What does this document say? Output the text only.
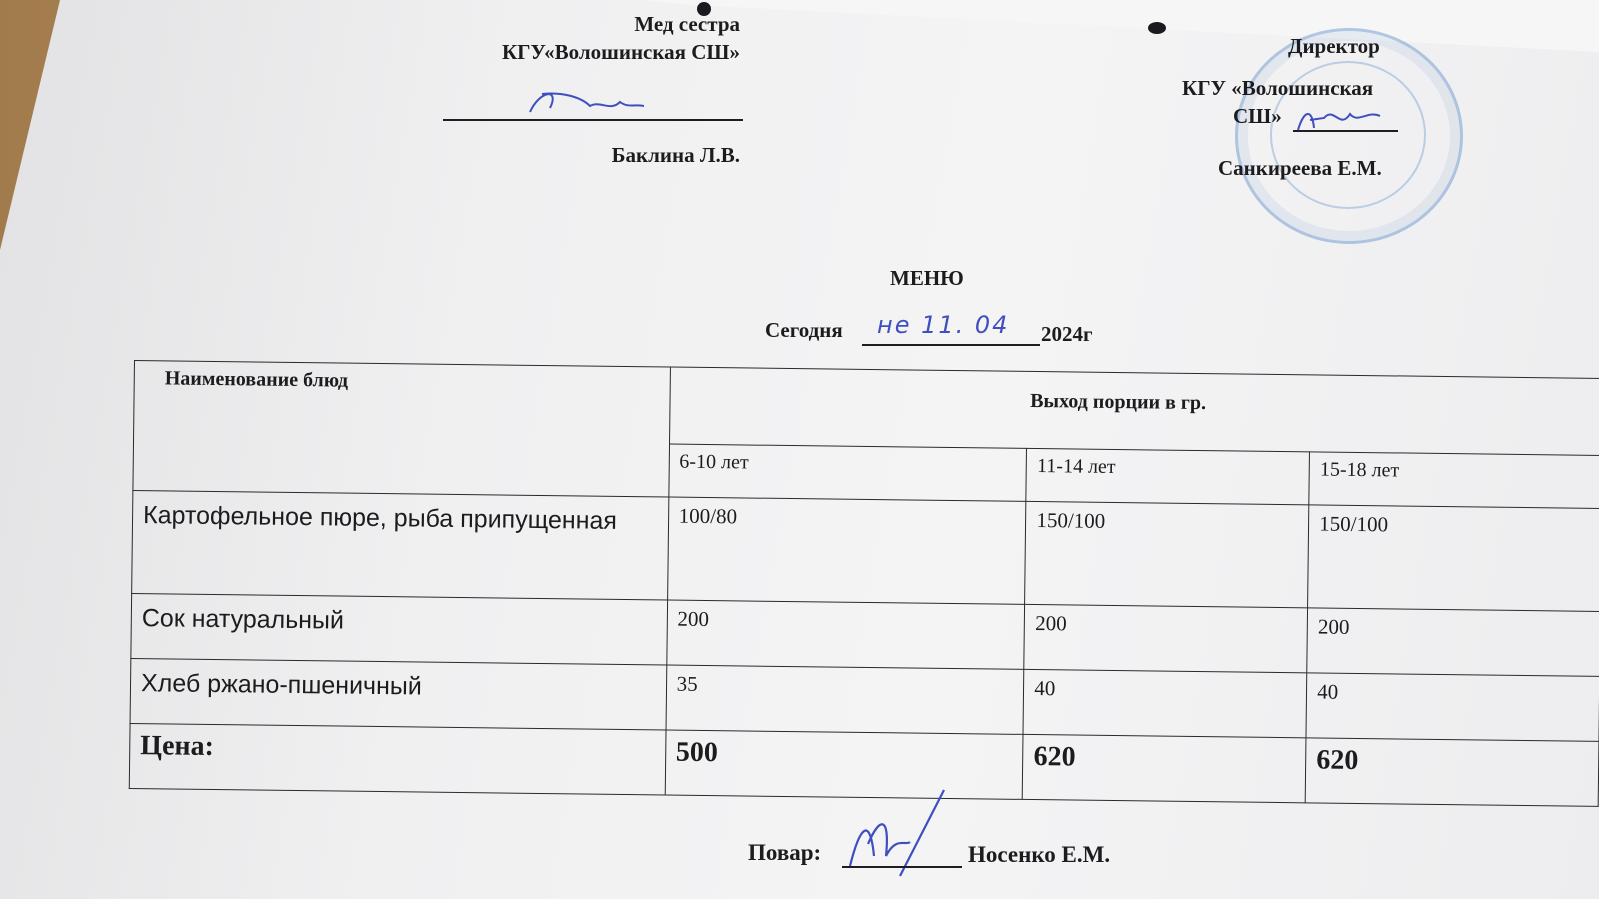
Мед сестра
КГУ«Волошинская СШ»
Баклина Л.В.
Директор
КГУ «Волошинская
СШ»
Санкиреева Е.М.
МЕНЮ
Сегодня не 11. 04 2024г
Наименование блюд	Выход порции в гр.		
	6-10 лет	11-14 лет	15-18 лет
Картофельное пюре, рыба припущенная	100/80	150/100	150/100
Сок натуральный	200	200	200
Хлеб ржано-пшеничный	35	40	40
Цена:	500	620	620
Повар:	Носенко Е.М.
